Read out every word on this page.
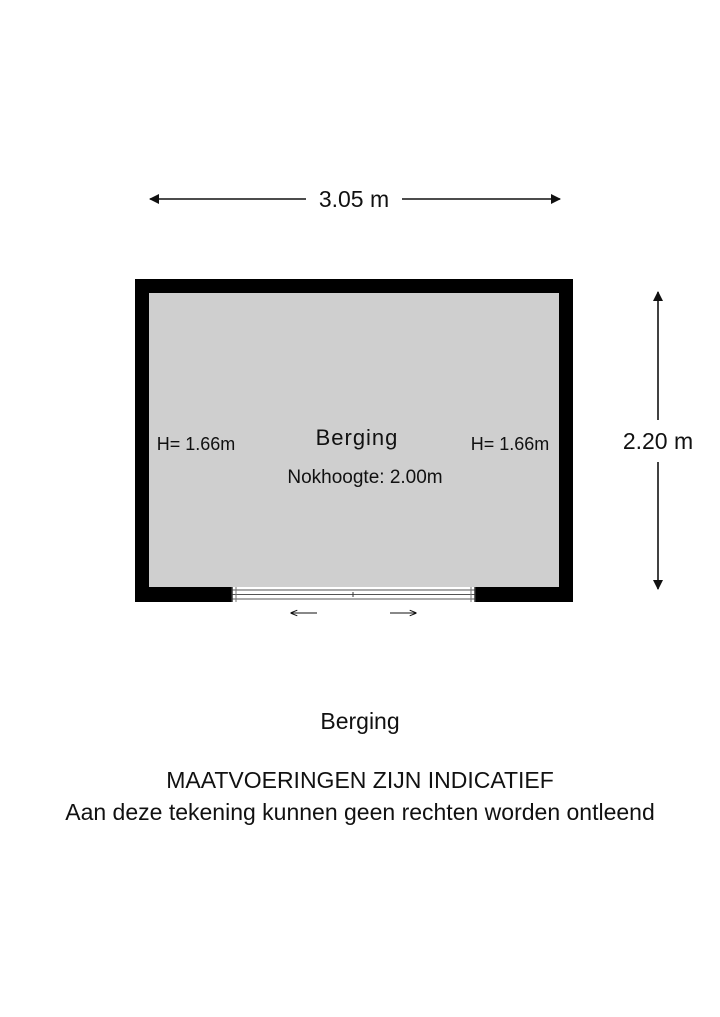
3.05 m
2.20 m
Berging
Nokhoogte: 2.00m
H= 1.66m	H= 1.66m
Berging
MAATVOERINGEN ZIJN INDICATIEF
Aan deze tekening kunnen geen rechten worden ontleend
